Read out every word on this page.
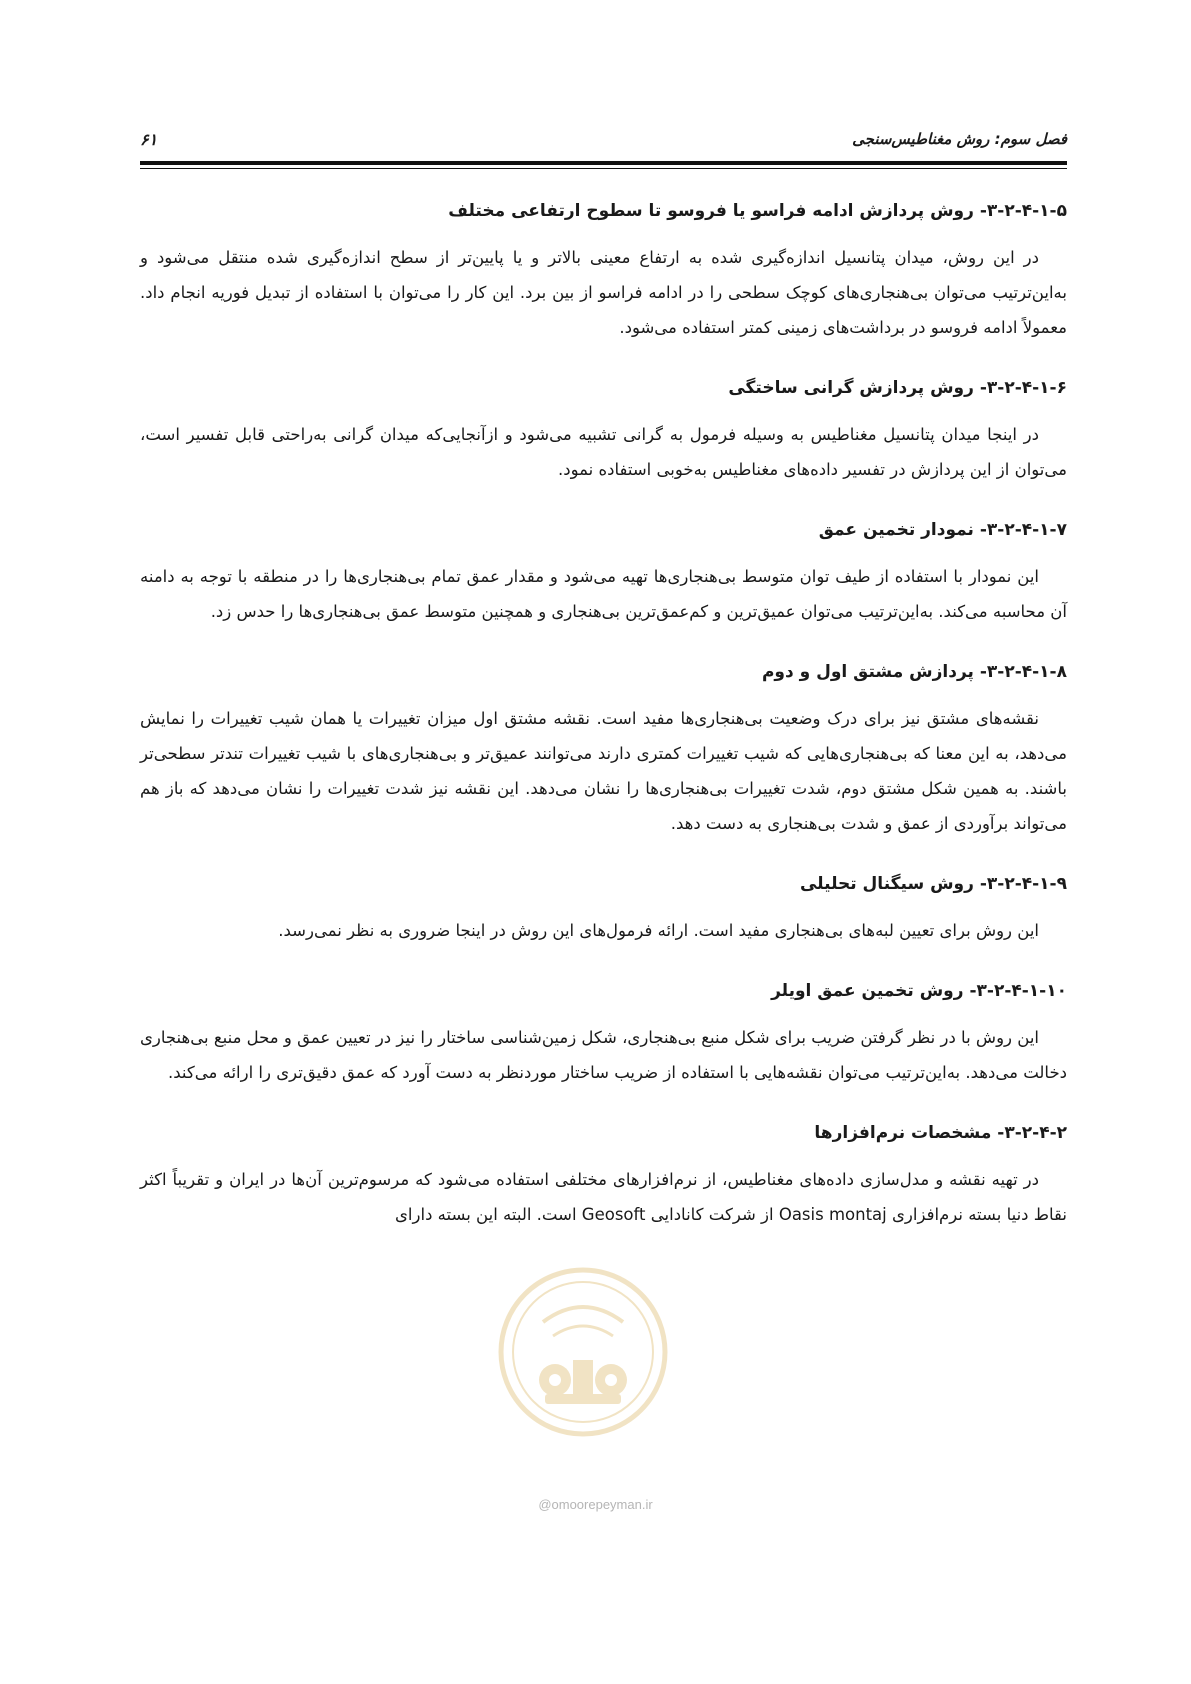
فصل سوم: روش مغناطیس‌سنجی
۶۱
۳-۲-۴-۱-۵- روش پردازش ادامه فراسو یا فروسو تا سطوح ارتفاعی مختلف

در این روش، میدان پتانسیل اندازه‌گیری شده به ارتفاع معینی بالاتر و یا پایین‌تر از سطح اندازه‌گیری شده منتقل می‌شود و به‌این‌ترتیب می‌توان بی‌هنجاری‌های کوچک سطحی را در ادامه فراسو از بین برد. این کار را می‌توان با استفاده از تبدیل فوریه انجام داد. معمولاً ادامه فروسو در برداشت‌های زمینی کمتر استفاده می‌شود.

۳-۲-۴-۱-۶- روش پردازش گرانی ساختگی

در اینجا میدان پتانسیل مغناطیس به وسیله فرمول به گرانی تشبیه می‌شود و ازآنجایی‌که میدان گرانی به‌راحتی قابل تفسیر است، می‌توان از این پردازش در تفسیر داده‌های مغناطیس به‌خوبی استفاده نمود.

۳-۲-۴-۱-۷- نمودار تخمین عمق

این نمودار با استفاده از طیف توان متوسط بی‌هنجاری‌ها تهیه می‌شود و مقدار عمق تمام بی‌هنجاری‌ها را در منطقه با توجه به دامنه آن محاسبه می‌کند. به‌این‌ترتیب می‌توان عمیق‌ترین و کم‌عمق‌ترین بی‌هنجاری و همچنین متوسط عمق بی‌هنجاری‌ها را حدس زد.

۳-۲-۴-۱-۸- پردازش مشتق اول و دوم

نقشه‌های مشتق نیز برای درک وضعیت بی‌هنجاری‌ها مفید است. نقشه مشتق اول میزان تغییرات یا همان شیب تغییرات را نمایش می‌دهد، به این معنا که بی‌هنجاری‌هایی که شیب تغییرات کمتری دارند می‌توانند عمیق‌تر و بی‌هنجاری‌های با شیب تغییرات تندتر سطحی‌تر باشند. به همین شکل مشتق دوم، شدت تغییرات بی‌هنجاری‌ها را نشان می‌دهد. این نقشه نیز شدت تغییرات را نشان می‌دهد که باز هم می‌تواند برآوردی از عمق و شدت بی‌هنجاری به دست دهد.

۳-۲-۴-۱-۹- روش سیگنال تحلیلی

این روش برای تعیین لبه‌های بی‌هنجاری مفید است. ارائه فرمول‌های این روش در اینجا ضروری به نظر نمی‌رسد.

۳-۲-۴-۱-۱۰- روش تخمین عمق اویلر

این روش با در نظر گرفتن ضریب برای شکل منبع بی‌هنجاری، شکل زمین‌شناسی ساختار را نیز در تعیین عمق و محل منبع بی‌هنجاری دخالت می‌دهد. به‌این‌ترتیب می‌توان نقشه‌هایی با استفاده از ضریب ساختار موردنظر به دست آورد که عمق دقیق‌تری را ارائه می‌کند.

۳-۲-۴-۲- مشخصات نرم‌افزارها

در تهیه نقشه و مدل‌سازی داده‌های مغناطیس، از نرم‌افزارهای مختلفی استفاده می‌شود که مرسوم‌ترین آن‌ها در ایران و تقریباً اکثر نقاط دنیا بسته نرم‌افزاری Oasis montaj از شرکت کانادایی Geosoft است. البته این بسته دارای

@omoorepeyman.ir
